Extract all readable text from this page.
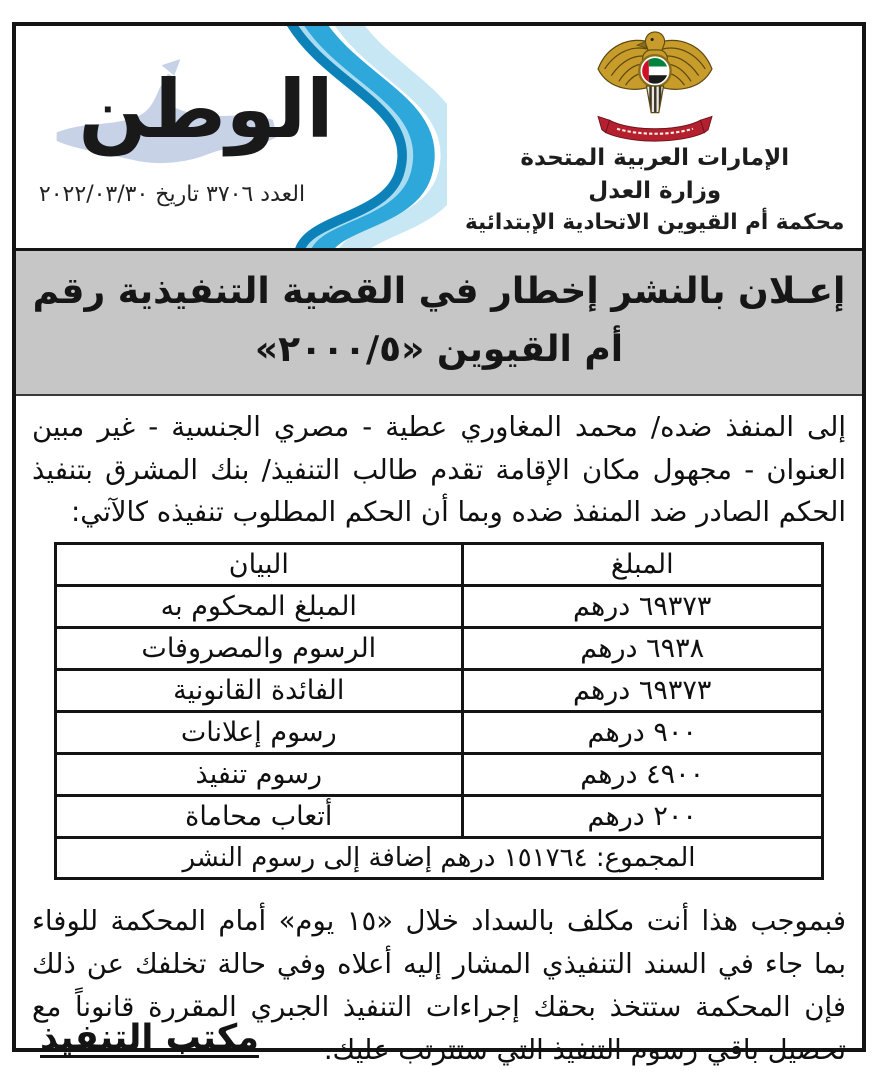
الإمارات العربية المتحدة
وزارة العدل
محكمة أم القيوين الاتحادية الإبتدائية
الوطن
العدد ٣٧٠٦ تاريخ ٢٠٢٢/٠٣/٣٠
إعـلان بالنشر إخطار في القضية التنفيذية رقم
أم القيوين «٢٠٠٠/٥»

إلى المنفذ ضده/ محمد المغاوري عطية - مصري الجنسية - غير مبين العنوان - مجهول مكان الإقامة تقدم طالب التنفيذ/ بنك المشرق بتنفيذ الحكم الصادر ضد المنفذ ضده وبما أن الحكم المطلوب تنفيذه كالآتي:

المبلغ	البيان
٦٩٣٧٣ درهم	المبلغ المحكوم به
٦٩٣٨ درهم	الرسوم والمصروفات
٦٩٣٧٣ درهم	الفائدة القانونية
٩٠٠ درهم	رسوم إعلانات
٤٩٠٠ درهم	رسوم تنفيذ
٢٠٠ درهم	أتعاب محاماة
المجموع: ١٥١٧٦٤ درهم إضافة إلى رسوم النشر	

فبموجب هذا أنت مكلف بالسداد خلال «١٥ يوم» أمام المحكمة للوفاء بما جاء في السند التنفيذي المشار إليه أعلاه وفي حالة تخلفك عن ذلك فإن المحكمة ستتخذ بحقك إجراءات التنفيذ الجبري المقررة قانوناً مع تحصيل باقي رسوم التنفيذ التي ستترتب عليك.

مكتب التنفيذ
